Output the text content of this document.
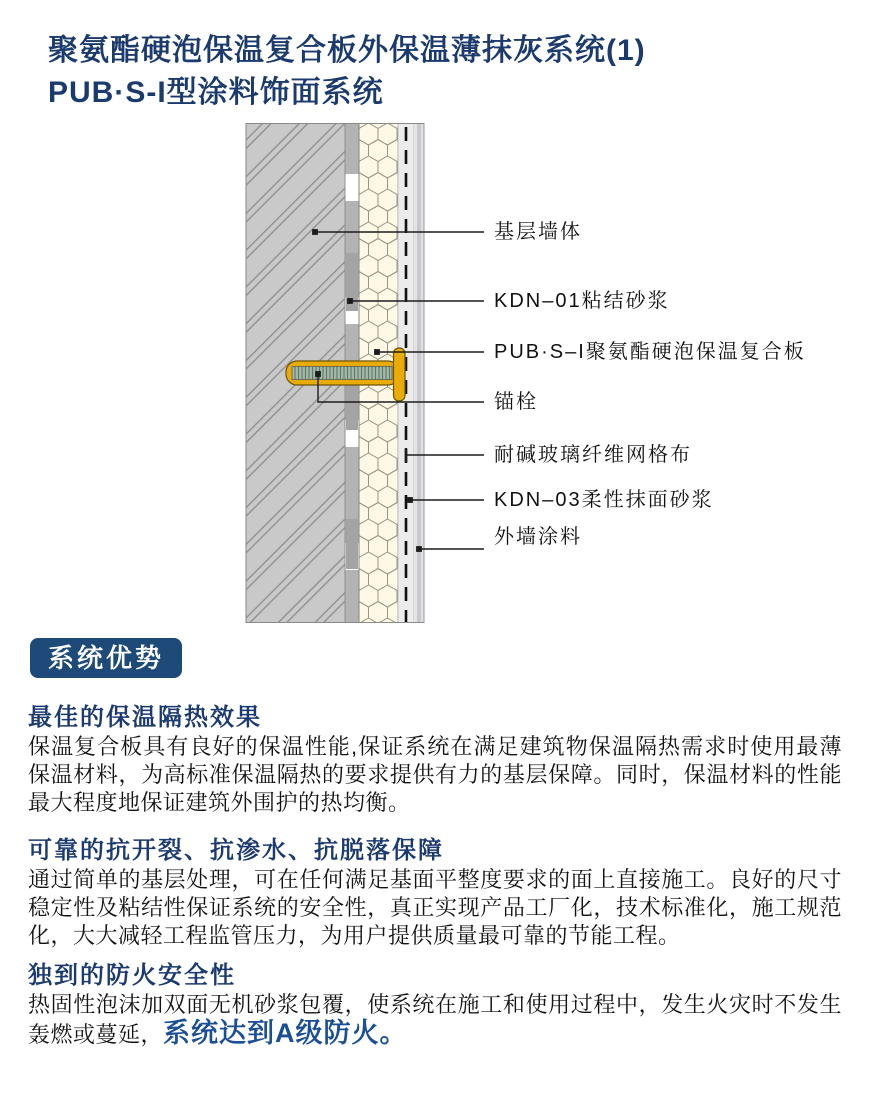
聚氨酯硬泡保温复合板外保温薄抹灰系统(1)
PUB·S-I型涂料饰面系统
基层墙体
KDN–01粘结砂浆
PUB·S–I聚氨酯硬泡保温复合板
锚栓
耐碱玻璃纤维网格布
KDN–03柔性抹面砂浆
外墙涂料
系统优势
最佳的保温隔热效果

保温复合板具有良好的保温性能,保证系统在满足建筑物保温隔热需求时使用最薄保温材料，为高标准保温隔热的要求提供有力的基层保障。同时，保温材料的性能最大程度地保证建筑外围护的热均衡。

可靠的抗开裂、抗渗水、抗脱落保障

通过简单的基层处理，可在任何满足基面平整度要求的面上直接施工。良好的尺寸稳定性及粘结性保证系统的安全性，真正实现产品工厂化，技术标准化，施工规范化，大大减轻工程监管压力，为用户提供质量最可靠的节能工程。

独到的防火安全性

热固性泡沫加双面无机砂浆包覆，使系统在施工和使用过程中，发生火灾时不发生轰燃或蔓延，系统达到A级防火。
